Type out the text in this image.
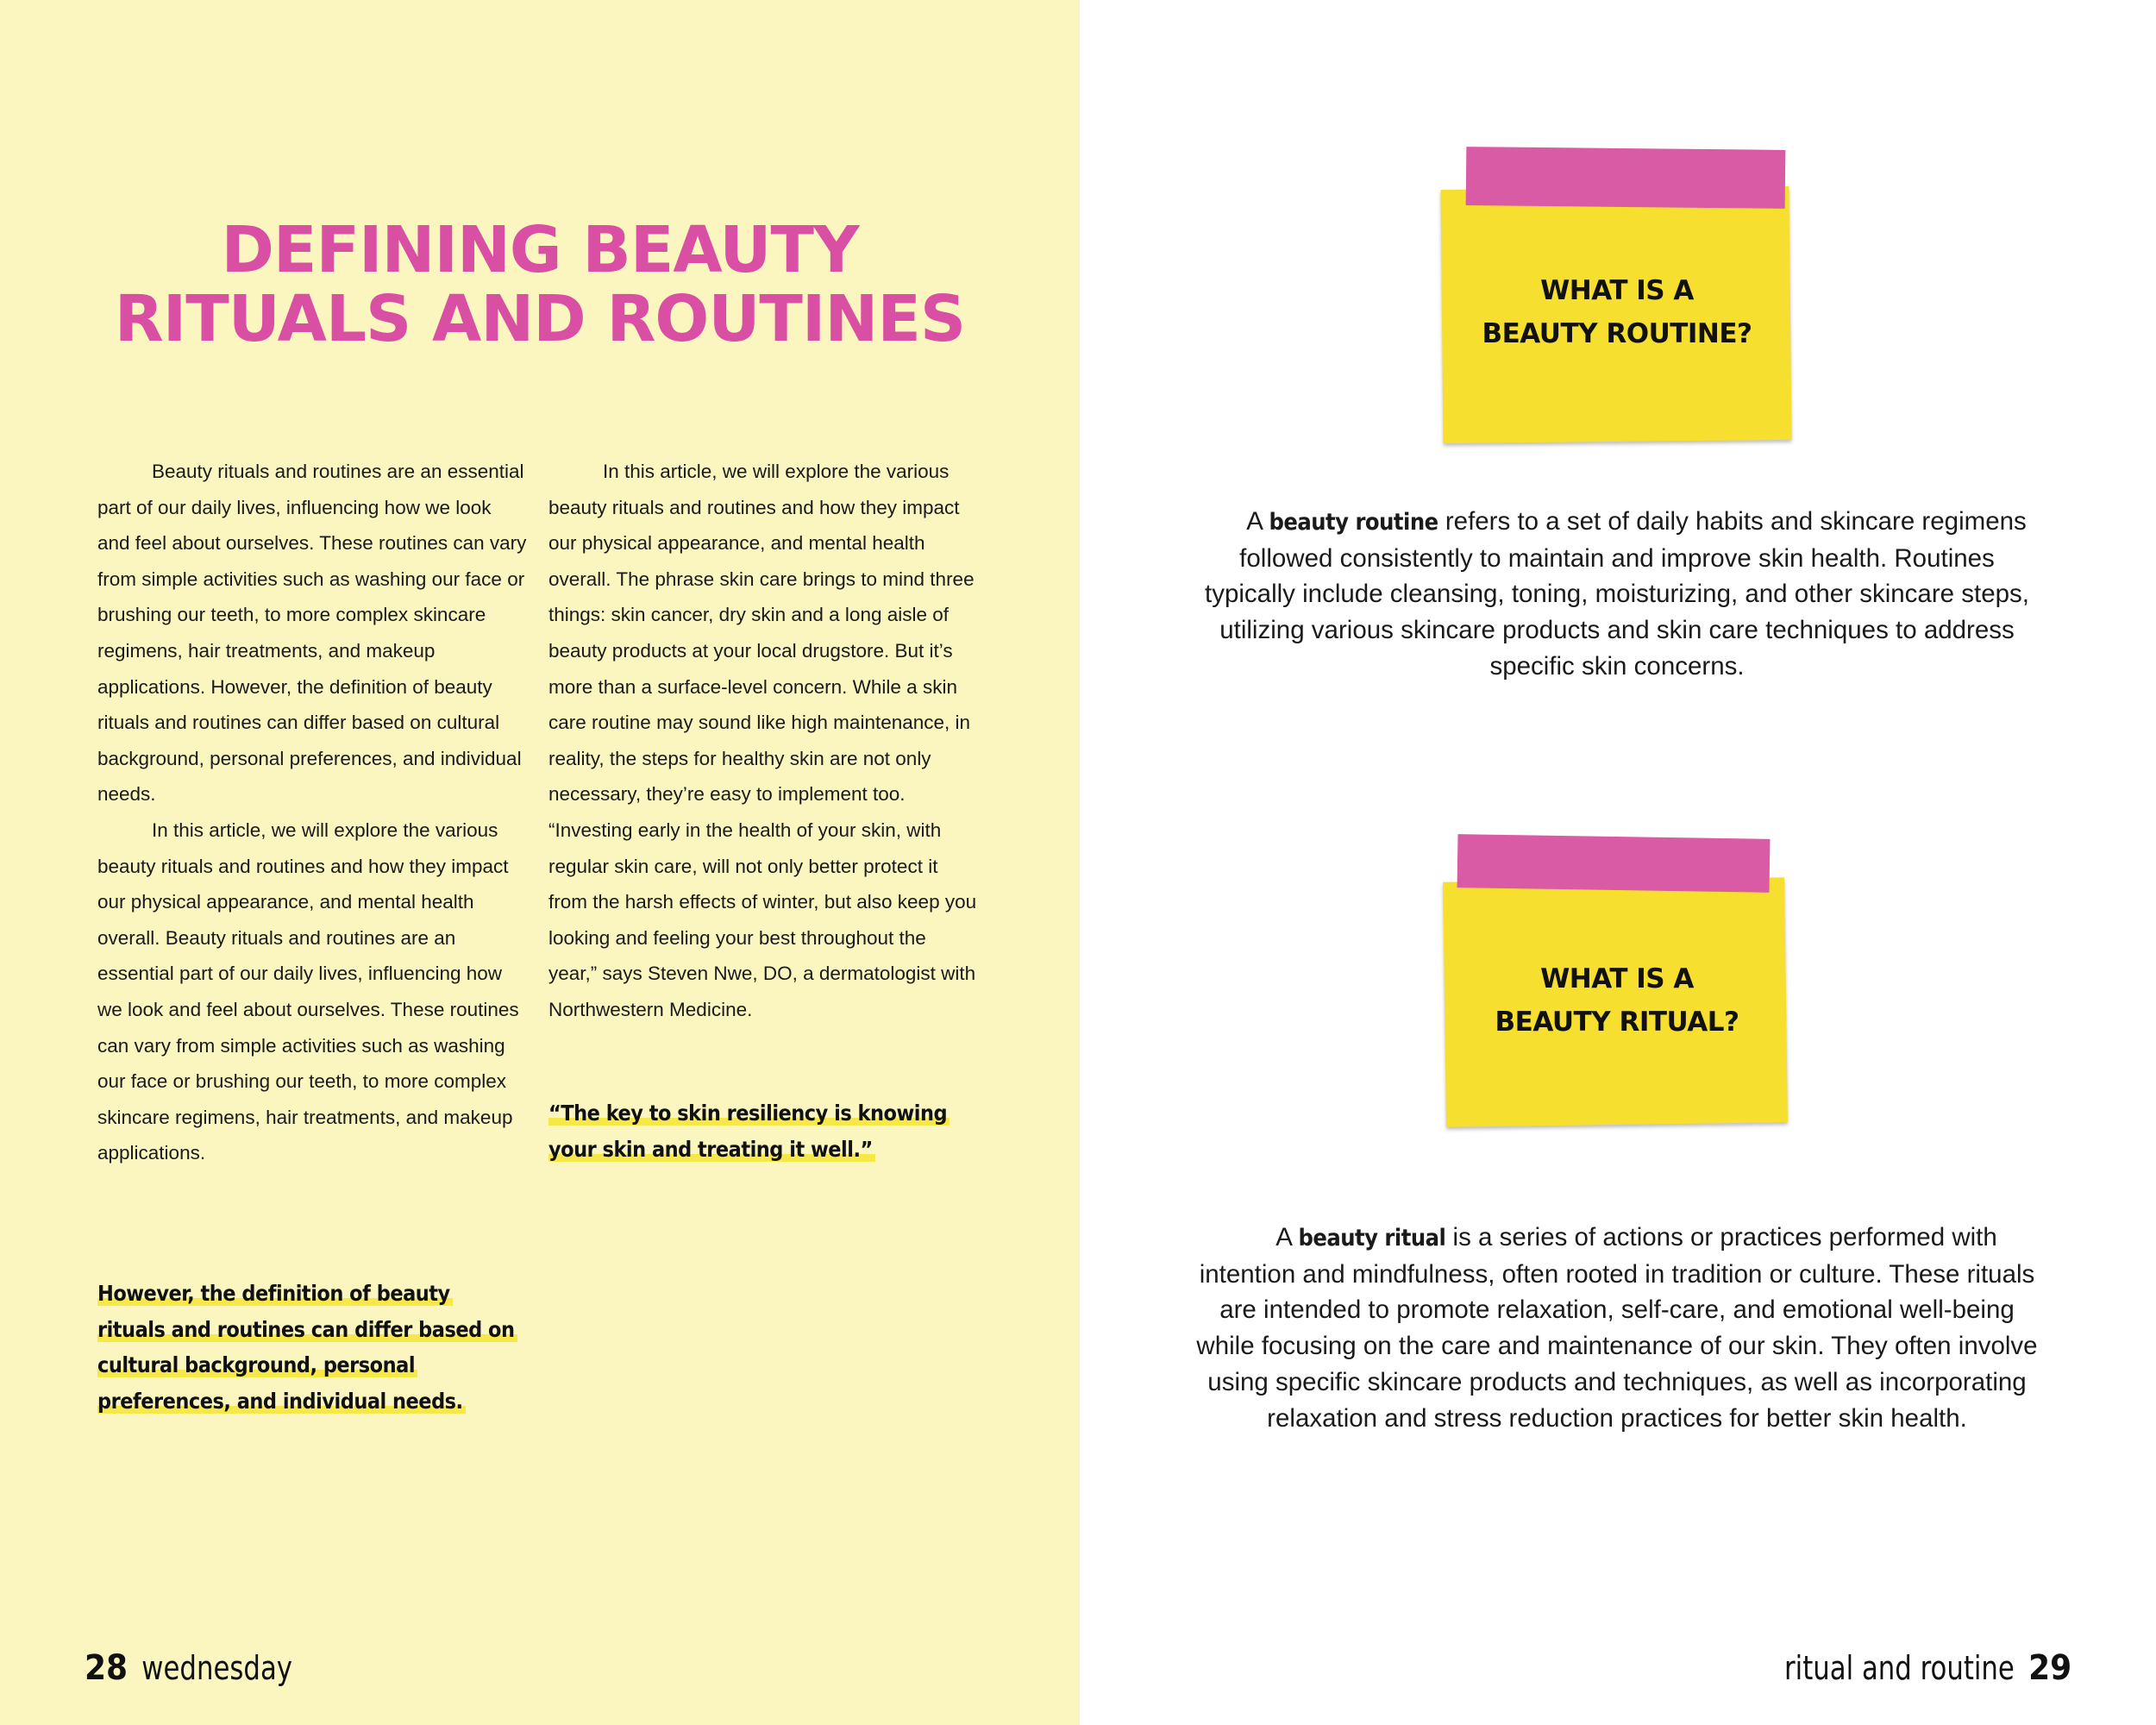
DEFINING BEAUTY
RITUALS AND ROUTINES

Beauty rituals and routines are an essential part of our daily lives, influencing how we look and feel about ourselves. These routines can vary from simple activities such as washing our face or brushing our teeth, to more complex skincare regimens, hair treatments, and makeup applications. However, the definition of beauty rituals and routines can differ based on cultural background, personal preferences, and individual needs.

In this article, we will explore the various beauty rituals and routines and how they impact our physical appearance, and mental health overall. Beauty rituals and routines are an essential part of our daily lives, influencing how we look and feel about ourselves. These routines can vary from simple activities such as washing our face or brushing our teeth, to more complex skincare regimens, hair treatments, and makeup applications.

However, the definition of beauty rituals and routines can differ based on cultural background, personal preferences, and individual needs.

In this article, we will explore the various beauty rituals and routines and how they impact our physical appearance, and mental health overall. The phrase skin care brings to mind three things: skin cancer, dry skin and a long aisle of beauty products at your local drugstore. But it’s more than a surface-level concern. While a skin care routine may sound like high maintenance, in reality, the steps for healthy skin are not only necessary, they’re easy to implement too. “Investing early in the health of your skin, with regular skin care, will not only better protect it from the harsh effects of winter, but also keep you looking and feeling your best throughout the year,” says Steven Nwe, DO, a dermatologist with Northwestern Medicine.

“The key to skin resiliency is knowing your skin and treating it well.”

28 wednesday

WHAT IS A
BEAUTY ROUTINE?

A beauty routine refers to a set of daily habits and skincare regimens followed consistently to maintain and improve skin health. Routines typically include cleansing, toning, moisturizing, and other skincare steps, utilizing various skincare products and skin care techniques to address specific skin concerns.

WHAT IS A
BEAUTY RITUAL?

A beauty ritual is a series of actions or practices performed with intention and mindfulness, often rooted in tradition or culture. These rituals are intended to promote relaxation, self-care, and emotional well-being while focusing on the care and maintenance of our skin. They often involve using specific skincare products and techniques, as well as incorporating relaxation and stress reduction practices for better skin health.

ritual and routine 29
